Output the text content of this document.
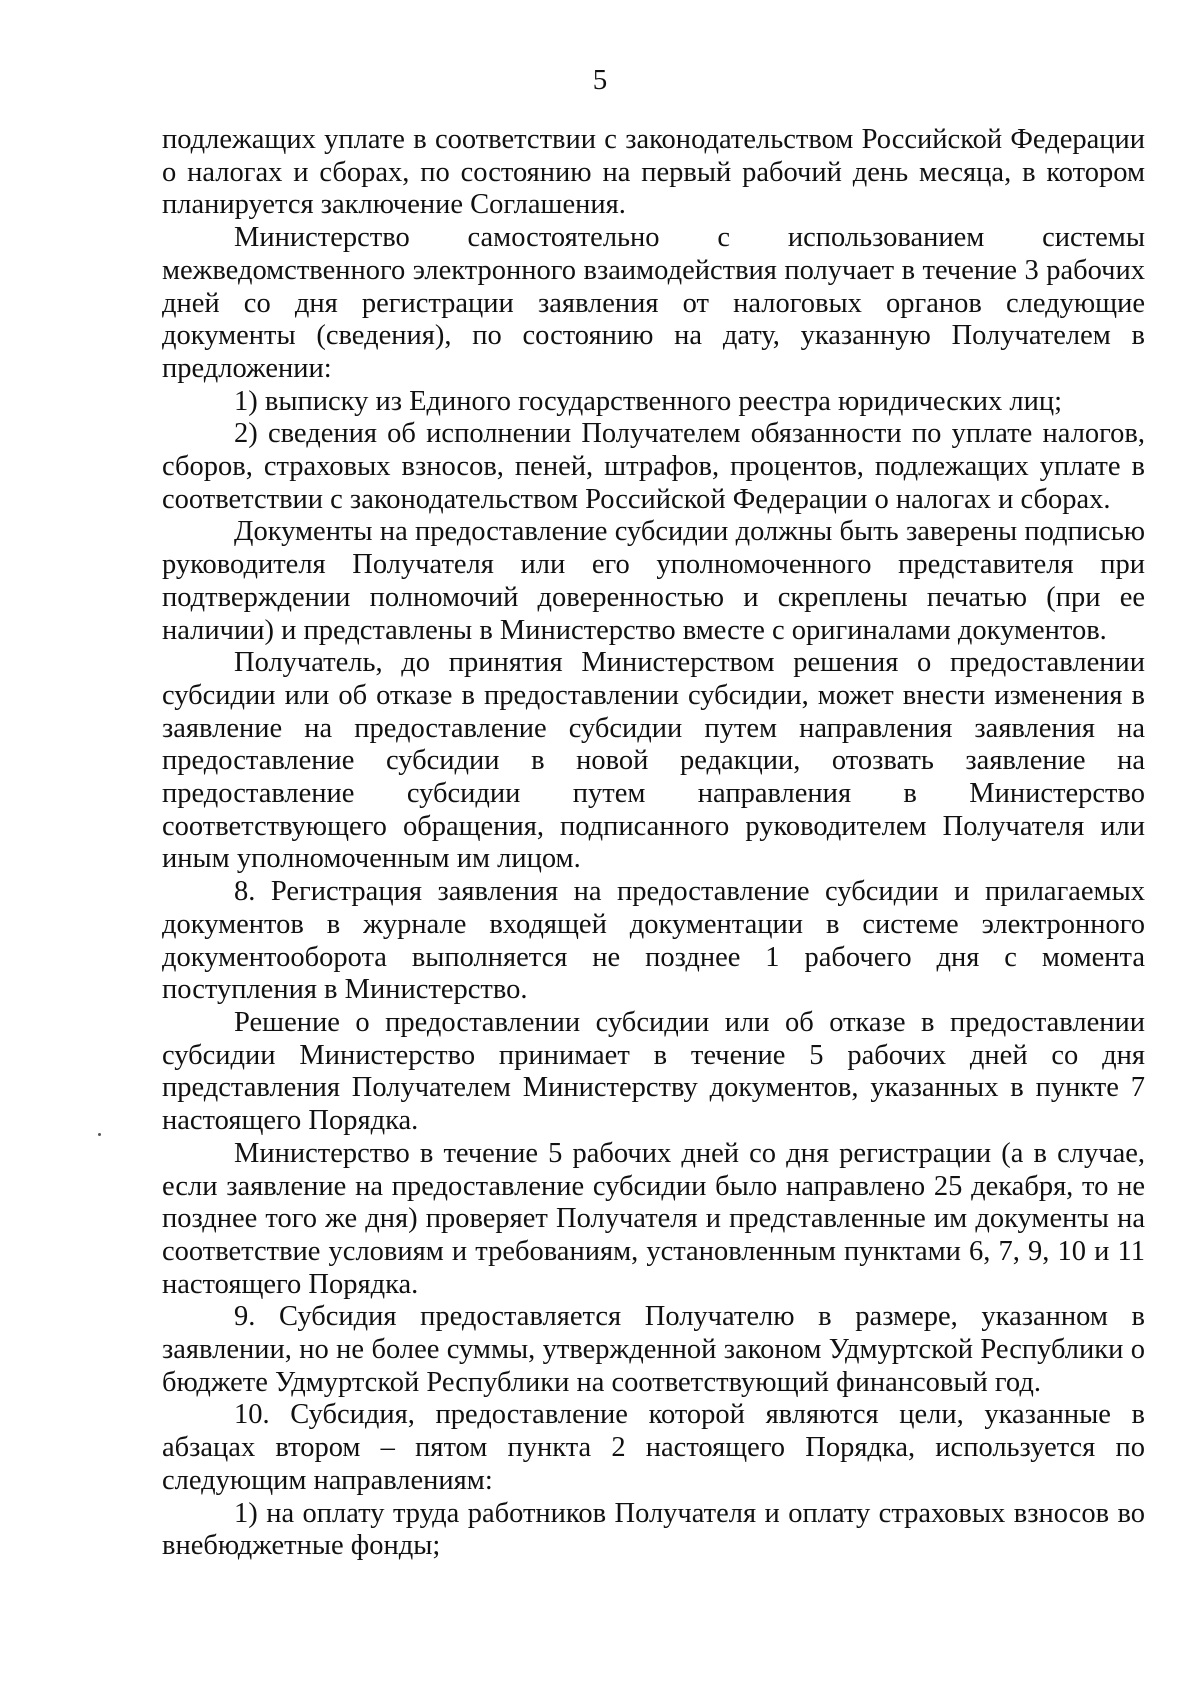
5

подлежащих уплате в соответствии с законодательством Российской Федерации о налогах и сборах, по состоянию на первый рабочий день месяца, в котором планируется заключение Соглашения.

Министерство самостоятельно с использованием системы межведомственного электронного взаимодействия получает в течение 3 рабочих дней со дня регистрации заявления от налоговых органов следующие документы (сведения), по состоянию на дату, указанную Получателем в предложении:

1) выписку из Единого государственного реестра юридических лиц;

2) сведения об исполнении Получателем обязанности по уплате налогов, сборов, страховых взносов, пеней, штрафов, процентов, подлежащих уплате в соответствии с законодательством Российской Федерации о налогах и сборах.

Документы на предоставление субсидии должны быть заверены подписью руководителя Получателя или его уполномоченного представителя при подтверждении полномочий доверенностью и скреплены печатью (при ее наличии) и представлены в Министерство вместе с оригиналами документов.

Получатель, до принятия Министерством решения о предоставлении субсидии или об отказе в предоставлении субсидии, может внести изменения в заявление на предоставление субсидии путем направления заявления на предоставление субсидии в новой редакции, отозвать заявление на предоставление субсидии путем направления в Министерство соответствующего обращения, подписанного руководителем Получателя или иным уполномоченным им лицом.

8. Регистрация заявления на предоставление субсидии и прилагаемых документов в журнале входящей документации в системе электронного документооборота выполняется не позднее 1 рабочего дня с момента поступления в Министерство.

Решение о предоставлении субсидии или об отказе в предоставлении субсидии Министерство принимает в течение 5 рабочих дней со дня представления Получателем Министерству документов, указанных в пункте 7 настоящего Порядка.

Министерство в течение 5 рабочих дней со дня регистрации (а в случае, если заявление на предоставление субсидии было направлено 25 декабря, то не позднее того же дня) проверяет Получателя и представленные им документы на соответствие условиям и требованиям, установленным пунктами 6, 7, 9, 10 и 11 настоящего Порядка.

9. Субсидия предоставляется Получателю в размере, указанном в заявлении, но не более суммы, утвержденной законом Удмуртской Республики о бюджете Удмуртской Республики на соответствующий финансовый год.

10. Субсидия, предоставление которой являются цели, указанные в абзацах втором – пятом пункта 2 настоящего Порядка, используется по следующим направлениям:

1) на оплату труда работников Получателя и оплату страховых взносов во внебюджетные фонды;
